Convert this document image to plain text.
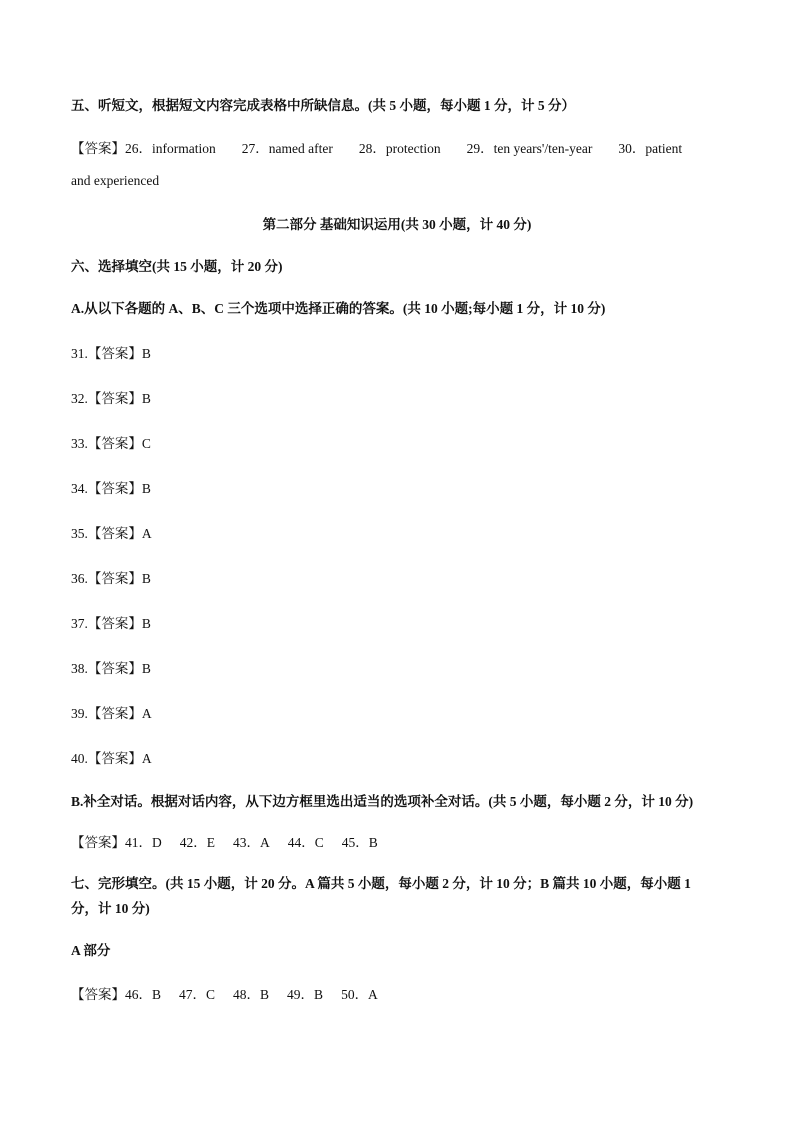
五、听短文，根据短文内容完成表格中所缺信息。(共 5 小题，每小题 1 分，计 5 分）
【答案】26．information 27．named after 28．protection 29．ten years'/ten-year 30．patient
and experienced
第二部分 基础知识运用(共 30 小题，计 40 分)
六、选择填空(共 15 小题，计 20 分)
A.从以下各题的 A、B、C 三个选项中选择正确的答案。(共 10 小题;每小题 1 分，计 10 分)
31.【答案】B
32.【答案】B
33.【答案】C
34.【答案】B
35.【答案】A
36.【答案】B
37.【答案】B
38.【答案】B
39.【答案】A
40.【答案】A
B.补全对话。根据对话内容，从下边方框里选出适当的选项补全对话。(共 5 小题，每小题 2 分，计 10 分)
【答案】41．D 42．E 43．A 44．C 45．B
七、完形填空。(共 15 小题，计 20 分。A 篇共 5 小题，每小题 2 分，计 10 分；B 篇共 10 小题，每小题 1
分，计 10 分)
A 部分
【答案】46．B 47．C 48．B 49．B 50．A
